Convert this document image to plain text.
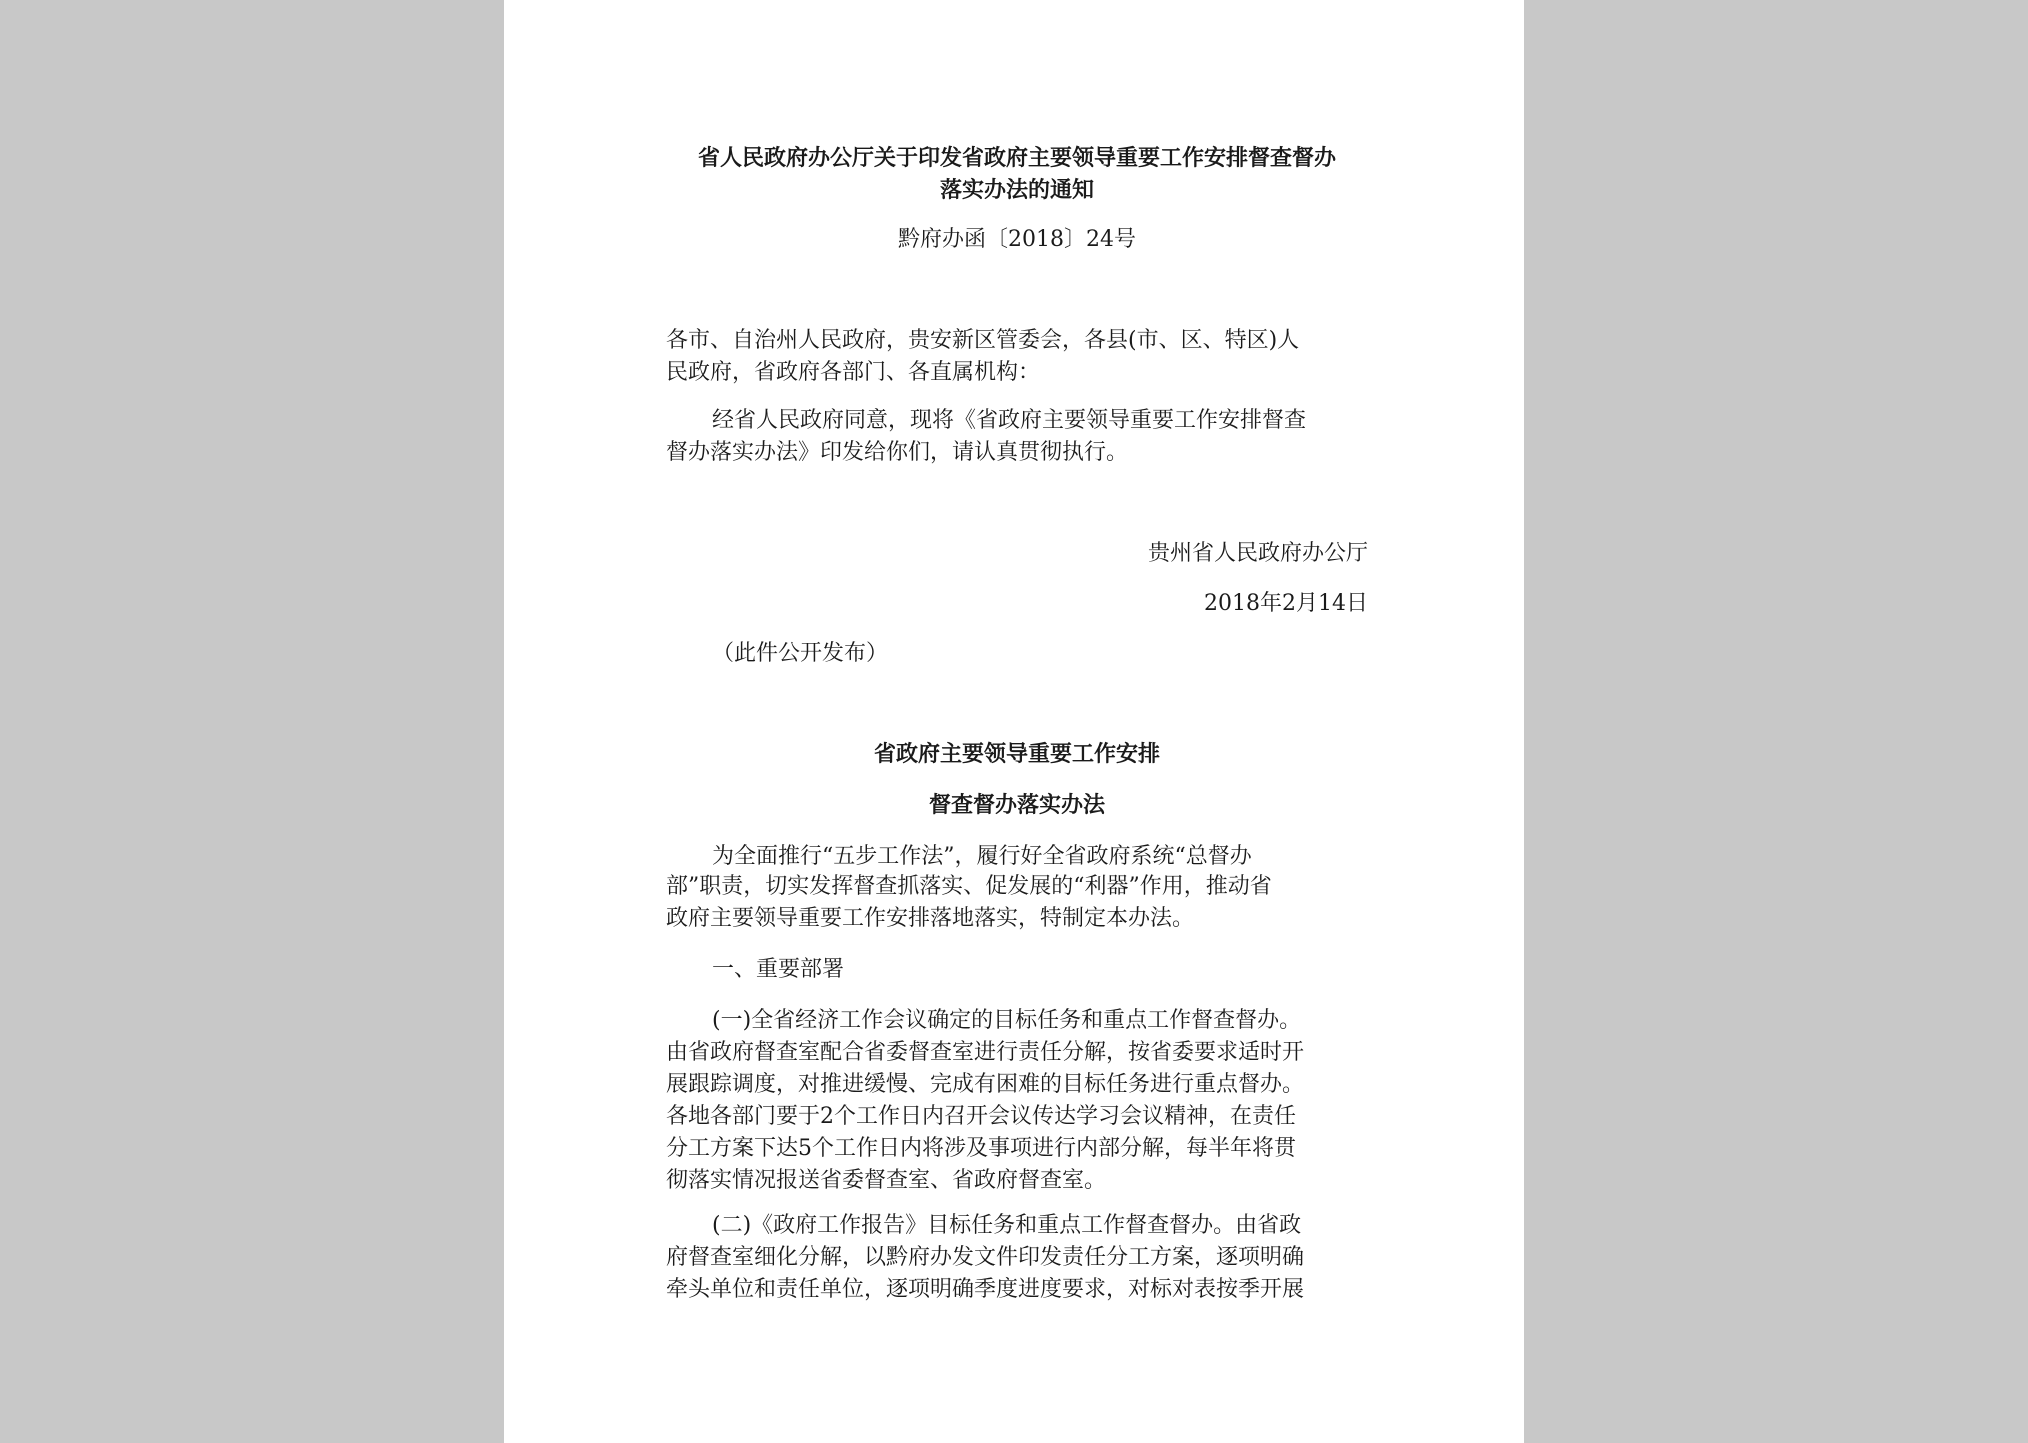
省人民政府办公厅关于印发省政府主要领导重要工作安排督查督办

落实办法的通知

黔府办函〔2018〕24号

各市、自治州人民政府，贵安新区管委会，各县(市、区、特区)人

民政府，省政府各部门、各直属机构：

经省人民政府同意，现将《省政府主要领导重要工作安排督查

督办落实办法》印发给你们，请认真贯彻执行。

贵州省人民政府办公厅

2018年2月14日

（此件公开发布）

省政府主要领导重要工作安排

督查督办落实办法

为全面推行“五步工作法”，履行好全省政府系统“总督办

部”职责，切实发挥督查抓落实、促发展的“利器”作用，推动省

政府主要领导重要工作安排落地落实，特制定本办法。

一、重要部署

(一)全省经济工作会议确定的目标任务和重点工作督查督办。

由省政府督查室配合省委督查室进行责任分解，按省委要求适时开

展跟踪调度，对推进缓慢、完成有困难的目标任务进行重点督办。

各地各部门要于2个工作日内召开会议传达学习会议精神，在责任

分工方案下达5个工作日内将涉及事项进行内部分解，每半年将贯

彻落实情况报送省委督查室、省政府督查室。

(二)《政府工作报告》目标任务和重点工作督查督办。由省政

府督查室细化分解，以黔府办发文件印发责任分工方案，逐项明确

牵头单位和责任单位，逐项明确季度进度要求，对标对表按季开展
